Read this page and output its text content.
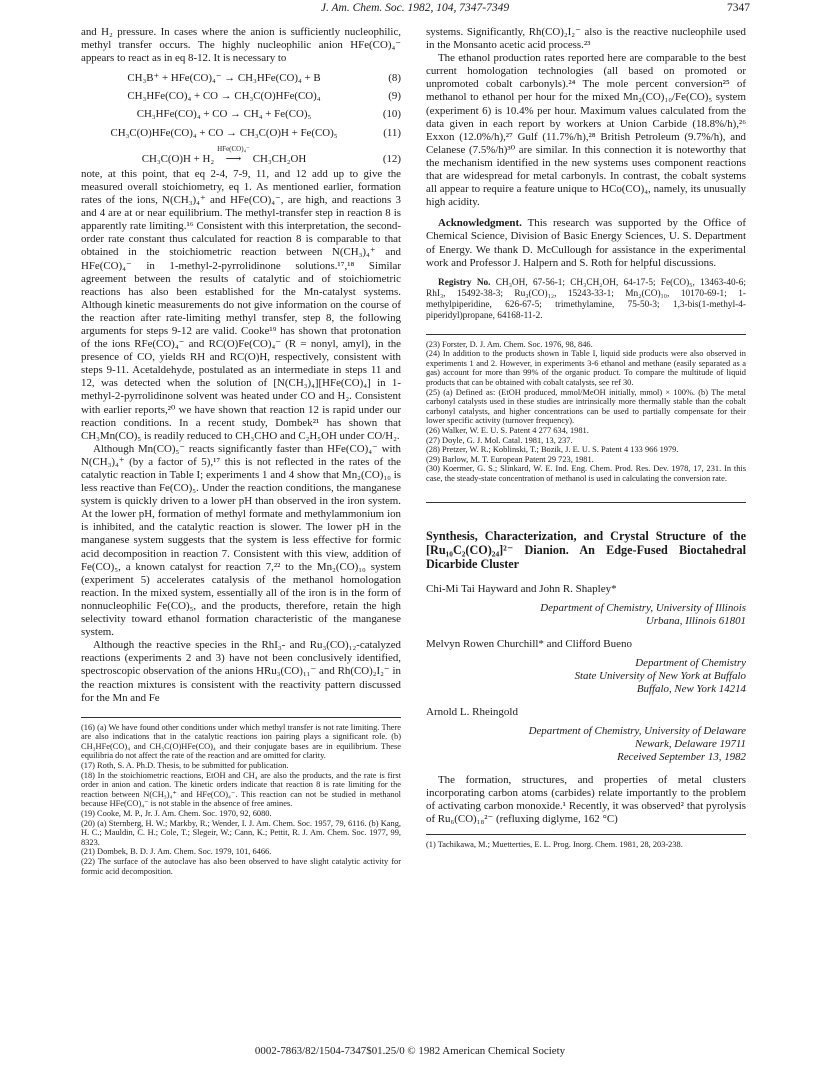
J. Am. Chem. Soc. 1982, 104, 7347-7349	7347

and H₂ pressure. In cases where the anion is sufficiently nucleophilic, methyl transfer occurs. The highly nucleophilic anion HFe(CO)₄⁻ appears to react as in eq 8-12. It is necessary to

CH₃B⁺ + HFe(CO)₄⁻ → CH₃HFe(CO)₄ + B	(8)
CH₃HFe(CO)₄ + CO → CH₃C(O)HFe(CO)₄	(9)
CH₃HFe(CO)₄ + CO → CH₄ + Fe(CO)₅	(10)
CH₃C(O)HFe(CO)₄ + CO → CH₃C(O)H + Fe(CO)₅	(11)
CH₃C(O)H + H₂
HFe(CO)₄⁻
⟶ CH₃CH₂OH	(12)

note, at this point, that eq 2-4, 7-9, 11, and 12 add up to give the measured overall stoichiometry, eq 1. As mentioned earlier, formation rates of the ions, N(CH₃)₄⁺ and HFe(CO)₄⁻, are high, and reactions 3 and 4 are at or near equilibrium. The methyl-transfer step in reaction 8 is apparently rate limiting.¹⁶ Consistent with this interpretation, the second-order rate constant thus calculated for reaction 8 is comparable to that obtained in the stoichiometric reaction between N(CH₃)₄⁺ and HFe(CO)₄⁻ in 1-methyl-2-pyrrolidinone solutions.¹⁷,¹⁸ Similar agreement between the results of catalytic and of stoichiometric reactions has also been established for the Mn-catalyst systems. Although kinetic measurements do not give information on the course of the reaction after rate-limiting methyl transfer, step 8, the following arguments for steps 9-12 are valid. Cooke¹⁹ has shown that protonation of the ions RFe(CO)₄⁻ and RC(O)Fe(CO)₄⁻ (R = nonyl, amyl), in the presence of CO, yields RH and RC(O)H, respectively, consistent with steps 9-11. Acetaldehyde, postulated as an intermediate in steps 11 and 12, was detected when the solution of [N(CH₃)₄][HFe(CO)₄] in 1-methyl-2-pyrrolidinone solvent was heated under CO and H₂. Consistent with earlier reports,²⁰ we have shown that reaction 12 is rapid under our reaction conditions. In a recent study, Dombek²¹ has shown that CH₃Mn(CO)₅ is readily reduced to CH₃CHO and C₂H₅OH under CO/H₂.

Although Mn(CO)₅⁻ reacts significantly faster than HFe(CO)₄⁻ with N(CH₃)₄⁺ (by a factor of 5),¹⁷ this is not reflected in the rates of the catalytic reaction in Table I; experiments 1 and 4 show that Mn₂(CO)₁₀ is less reactive than Fe(CO)₅. Under the reaction conditions, the manganese system is quickly driven to a lower pH than observed in the iron system. At the lower pH, formation of methyl formate and methylammonium ion is inhibited, and the catalytic reaction is slower. The lower pH in the manganese system suggests that the system is less effective for formic acid decomposition in reaction 7. Consistent with this view, addition of Fe(CO)₅, a known catalyst for reaction 7,²² to the Mn₂(CO)₁₀ system (experiment 5) accelerates catalysis of the methanol homologation reaction. In the mixed system, essentially all of the iron is in the form of nonnucleophilic Fe(CO)₅, and the products, therefore, retain the high selectivity toward ethanol formation characteristic of the manganese system.

Although the reactive species in the RhI₃- and Ru₃(CO)₁₂-catalyzed reactions (experiments 2 and 3) have not been conclusively identified, spectroscopic observation of the anions HRu₃(CO)₁₁⁻ and Rh(CO)₂I₂⁻ in the reaction mixtures is consistent with the reactivity pattern discussed for the Mn and Fe

(16) (a) We have found other conditions under which methyl transfer is not rate limiting. There are also indications that in the catalytic reactions ion pairing plays a significant role. (b) CH₃HFe(CO)₄ and CH₃C(O)HFe(CO)₄ and their conjugate bases are in equilibrium. These equilibria do not affect the rate of the reaction and are omitted for clarity.

(17) Roth, S. A. Ph.D. Thesis, to be submitted for publication.

(18) In the stoichiometric reactions, EtOH and CH₄ are also the products, and the rate is first order in anion and cation. The kinetic orders indicate that reaction 8 is rate limiting for the reaction between N(CH₃)₄⁺ and HFe(CO)₄⁻. This reaction can not be studied in methanol because HFe(CO)₄⁻ is not stable in the absence of free amines.

(19) Cooke, M. P., Jr. J. Am. Chem. Soc. 1970, 92, 6080.

(20) (a) Sternberg, H. W.; Markby, R.; Wender, I. J. Am. Chem. Soc. 1957, 79, 6116. (b) Kang, H. C.; Mauldin, C. H.; Cole, T.; Slegeir, W.; Cann, K.; Pettit, R. J. Am. Chem. Soc. 1977, 99, 8323.

(21) Dombek, B. D. J. Am. Chem. Soc. 1979, 101, 6466.

(22) The surface of the autoclave has also been observed to have slight catalytic activity for formic acid decomposition.

systems. Significantly, Rh(CO)₂I₂⁻ also is the reactive nucleophile used in the Monsanto acetic acid process.²³

The ethanol production rates reported here are comparable to the best current homologation technologies (all based on promoted or unpromoted cobalt carbonyls).²⁴ The mole percent conversion²⁵ of methanol to ethanol per hour for the mixed Mn₂(CO)₁₀/Fe(CO)₅ system (experiment 6) is 10.4% per hour. Maximum values calculated from the data given in each report by workers at Union Carbide (18.8%/h),²⁶ Exxon (12.0%/h),²⁷ Gulf (11.7%/h),²⁸ British Petroleum (9.7%/h), and Celanese (7.5%/h)³⁰ are similar. In this connection it is noteworthy that the mechanism identified in the new systems uses component reactions that are widespread for metal carbonyls. In contrast, the cobalt systems all appear to require a feature unique to HCo(CO)₄, namely, its unusually high acidity.

Acknowledgment. This research was supported by the Office of Chemical Science, Division of Basic Energy Sciences, U. S. Department of Energy. We thank D. McCullough for assistance in the experimental work and Professor J. Halpern and S. Roth for helpful discussions.

Registry No. CH₃OH, 67-56-1; CH₃CH₂OH, 64-17-5; Fe(CO)₅, 13463-40-6; RhI₃, 15492-38-3; Ru₃(CO)₁₂, 15243-33-1; Mn₂(CO)₁₀, 10170-69-1; 1-methylpiperidine, 626-67-5; trimethylamine, 75-50-3; 1,3-bis(1-methyl-4-piperidyl)propane, 64168-11-2.

(23) Forster, D. J. Am. Chem. Soc. 1976, 98, 846.

(24) In addition to the products shown in Table I, liquid side products were also observed in experiments 1 and 2. However, in experiments 3-6 ethanol and methane (easily separated as a gas) account for more than 99% of the organic product. To compare the multitude of liquid products that can be obtained with cobalt catalysts, see ref 30.

(25) (a) Defined as: (EtOH produced, mmol/MeOH initially, mmol) × 100%. (b) The metal carbonyl catalysts used in these studies are intrinsically more thermally stable than the cobalt carbonyl catalysts, and higher concentrations can be used to partially compensate for their lower specific activity (turnover frequency).

(26) Walker, W. E. U. S. Patent 4 277 634, 1981.

(27) Doyle, G. J. Mol. Catal. 1981, 13, 237.

(28) Pretzer, W. R.; Koblinski, T.; Bozik, J. E. U. S. Patent 4 133 966 1979.

(29) Barlow, M. T. European Patent 29 723, 1981.

(30) Koermer, G. S.; Slinkard, W. E. Ind. Eng. Chem. Prod. Res. Dev. 1978, 17, 231. In this case, the steady-state concentration of methanol is used in calculating the conversion rate.

Synthesis, Characterization, and Crystal Structure of the [Ru₁₀C₂(CO)₂₄]²⁻ Dianion. An Edge-Fused Bioctahedral Dicarbide Cluster

Chi-Mi Tai Hayward and John R. Shapley*

Department of Chemistry, University of Illinois
Urbana, Illinois 61801

Melvyn Rowen Churchill* and Clifford Bueno

Department of Chemistry
State University of New York at Buffalo
Buffalo, New York 14214

Arnold L. Rheingold

Department of Chemistry, University of Delaware
Newark, Delaware 19711
Received September 13, 1982

The formation, structures, and properties of metal clusters incorporating carbon atoms (carbides) relate importantly to the problem of activating carbon monoxide.¹ Recently, it was observed² that pyrolysis of Ru₆(CO)₁₈²⁻ (refluxing diglyme, 162 °C)

(1) Tachikawa, M.; Muetterties, E. L. Prog. Inorg. Chem. 1981, 28, 203-238.

0002-7863/82/1504-7347$01.25/0 © 1982 American Chemical Society
